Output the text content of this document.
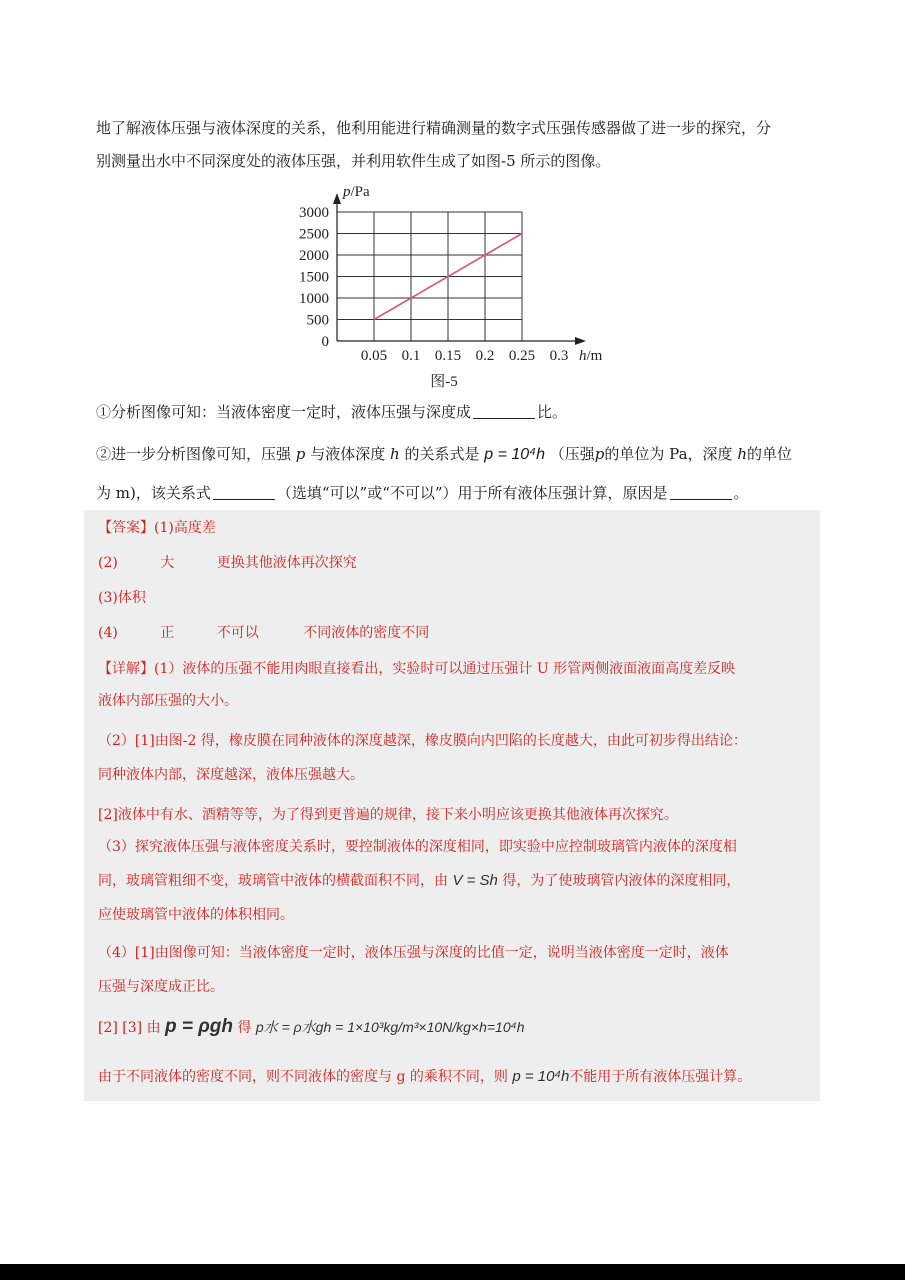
地了解液体压强与液体深度的关系，他利用能进行精确测量的数字式压强传感器做了进一步的探究，分

别测量出水中不同深度处的液体压强，并利用软件生成了如图-5 所示的图像。

0
500
1000
1500
2000
2500
3000
0.05 0.1 0.15 0.2 0.25 0.3
p/Pa
h/m
图-5

①分析图像可知：当液体密度一定时，液体压强与深度成	比。

②进一步分析图像可知，压强 p 与液体深度 h 的关系式是 p = 10⁴h （压强p的单位为 Pa，深度 h的单位

为 m)，该关系式	（选填“可以”或“不可以”）用于所有液体压强计算，原因是	。

【答案】(1)高度差
(2)	大	更换其他液体再次探究
(3)体积
(4)	正	不可以	不同液体的密度不同
【详解】(1）液体的压强不能用肉眼直接看出，实验时可以通过压强计 U 形管两侧液面液面高度差反映
液体内部压强的大小。
（2）[1]由图-2 得，橡皮膜在同种液体的深度越深，橡皮膜向内凹陷的长度越大，由此可初步得出结论：
同种液体内部，深度越深，液体压强越大。
[2]液体中有水、酒精等等，为了得到更普遍的规律，接下来小明应该更换其他液体再次探究。
（3）探究液体压强与液体密度关系时，要控制液体的深度相同，即实验中应控制玻璃管内液体的深度相
同，玻璃管粗细不变，玻璃管中液体的横截面积不同，由 V = Sh 得，为了使玻璃管内液体的深度相同，
应使玻璃管中液体的体积相同。
（4）[1]由图像可知：当液体密度一定时，液体压强与深度的比值一定，说明当液体密度一定时，液体
压强与深度成正比。
[2] [3] 由 p = ρgh 得 p水 = ρ水gh = 1×10³kg/m³×10N/kg×h=10⁴h
由于不同液体的密度不同，则不同液体的密度与 g 的乘积不同，则 p = 10⁴h不能用于所有液体压强计算。
